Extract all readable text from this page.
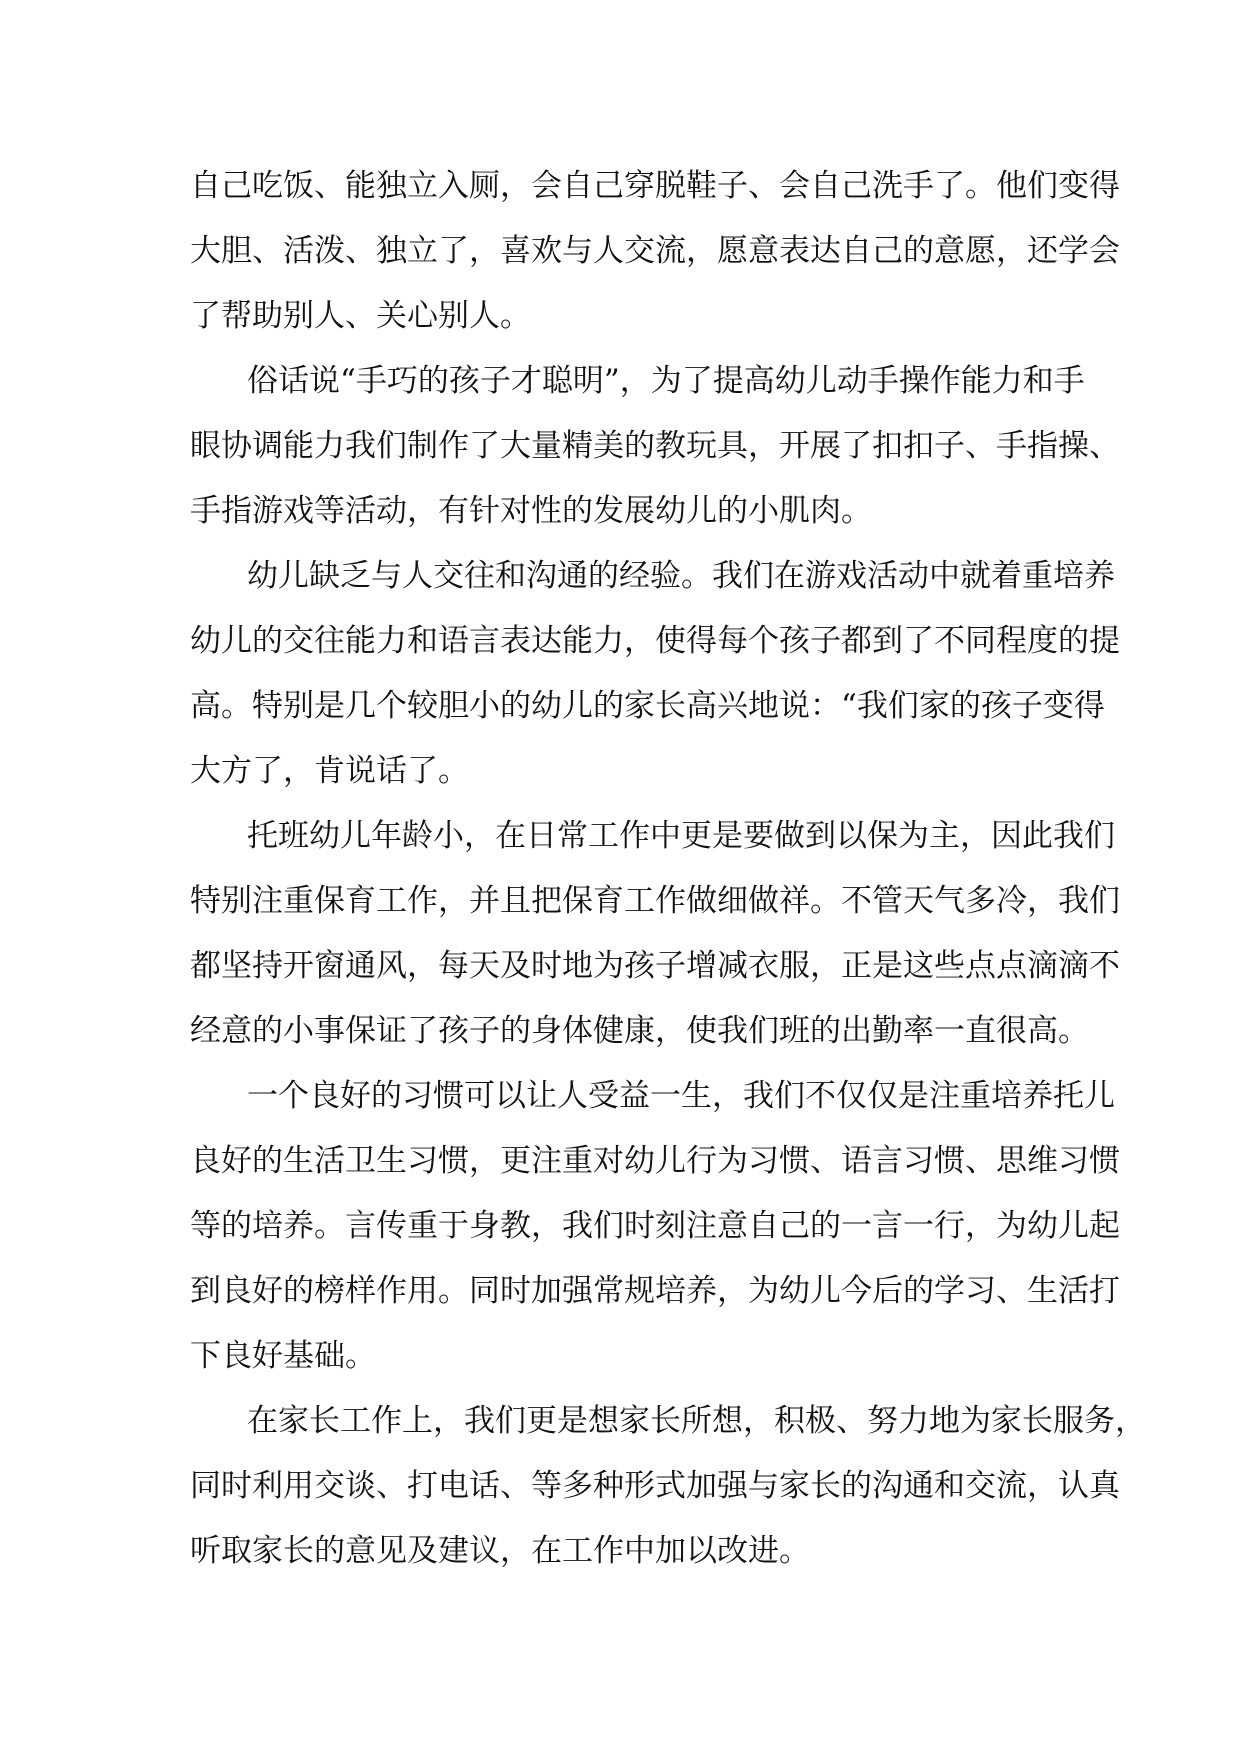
自己吃饭、能独立入厕，会自己穿脱鞋子、会自己洗手了。他们变得
大胆、活泼、独立了，喜欢与人交流，愿意表达自己的意愿，还学会
了帮助别人、关心别人。
俗话说“手巧的孩子才聪明”，为了提高幼儿动手操作能力和手
眼协调能力我们制作了大量精美的教玩具，开展了扣扣子、手指操、
手指游戏等活动，有针对性的发展幼儿的小肌肉。
幼儿缺乏与人交往和沟通的经验。我们在游戏活动中就着重培养
幼儿的交往能力和语言表达能力，使得每个孩子都到了不同程度的提
高。特别是几个较胆小的幼儿的家长高兴地说：“我们家的孩子变得
大方了，肯说话了。
托班幼儿年龄小，在日常工作中更是要做到以保为主，因此我们
特别注重保育工作，并且把保育工作做细做祥。不管天气多冷，我们
都坚持开窗通风，每天及时地为孩子增减衣服，正是这些点点滴滴不
经意的小事保证了孩子的身体健康，使我们班的出勤率一直很高。
一个良好的习惯可以让人受益一生，我们不仅仅是注重培养托儿
良好的生活卫生习惯，更注重对幼儿行为习惯、语言习惯、思维习惯
等的培养。言传重于身教，我们时刻注意自己的一言一行，为幼儿起
到良好的榜样作用。同时加强常规培养，为幼儿今后的学习、生活打
下良好基础。
在家长工作上，我们更是想家长所想，积极、努力地为家长服务，
同时利用交谈、打电话、等多种形式加强与家长的沟通和交流，认真
听取家长的意见及建议，在工作中加以改进。
